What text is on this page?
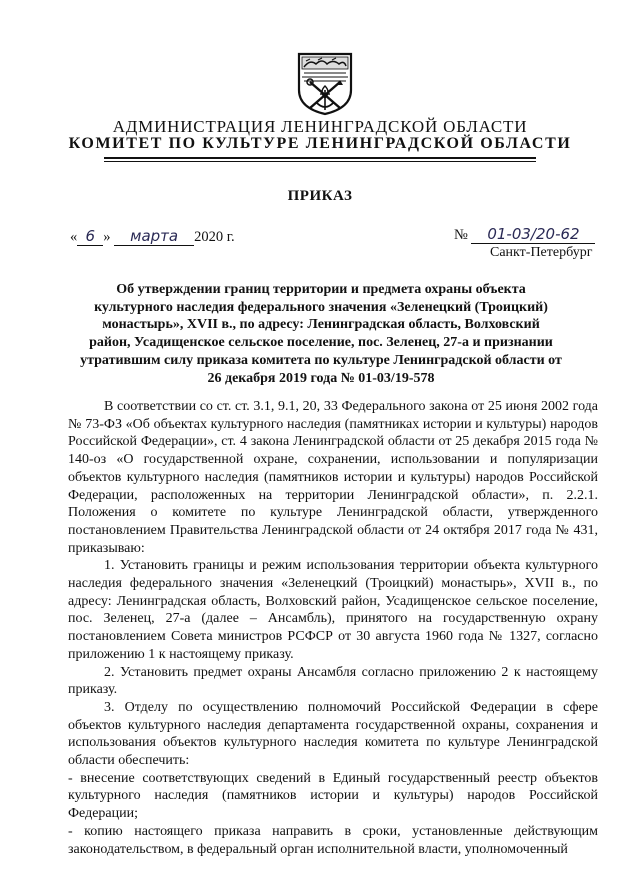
АДМИНИСТРАЦИЯ ЛЕНИНГРАДСКОЙ ОБЛАСТИ
КОМИТЕТ ПО КУЛЬТУРЕ ЛЕНИНГРАДСКОЙ ОБЛАСТИ
ПРИКАЗ
« 6 » марта 2020 г.	№ 01-03/20-62
Санкт-Петербург
Об утверждении границ территории и предмета охраны объекта культурного наследия федерального значения «Зеленецкий (Троицкий) монастырь», XVII в., по адресу: Ленинградская область, Волховский район, Усадищенское сельское поселение, пос. Зеленец, 27-а и признании утратившим силу приказа комитета по культуре Ленинградской области от 26 декабря 2019 года № 01-03/19-578

В соответствии со ст. ст. 3.1, 9.1, 20, 33 Федерального закона от 25 июня 2002 года № 73-ФЗ «Об объектах культурного наследия (памятниках истории и культуры) народов Российской Федерации», ст. 4 закона Ленинградской области от 25 декабря 2015 года № 140-оз «О государственной охране, сохранении, использовании и популяризации объектов культурного наследия (памятников истории и культуры) народов Российской Федерации, расположенных на территории Ленинградской области», п. 2.2.1. Положения о комитете по культуре Ленинградской области, утвержденного постановлением Правительства Ленинградской области от 24 октября 2017 года № 431, приказываю:

1. Установить границы и режим использования территории объекта культурного наследия федерального значения «Зеленецкий (Троицкий) монастырь», XVII в., по адресу: Ленинградская область, Волховский район, Усадищенское сельское поселение, пос. Зеленец, 27-а (далее – Ансамбль), принятого на государственную охрану постановлением Совета министров РСФСР от 30 августа 1960 года № 1327, согласно приложению 1 к настоящему приказу.

2. Установить предмет охраны Ансамбля согласно приложению 2 к настоящему приказу.

3. Отделу по осуществлению полномочий Российской Федерации в сфере объектов культурного наследия департамента государственной охраны, сохранения и использования объектов культурного наследия комитета по культуре Ленинградской области обеспечить:

- внесение соответствующих сведений в Единый государственный реестр объектов культурного наследия (памятников истории и культуры) народов Российской Федерации;

- копию настоящего приказа направить в сроки, установленные действующим законодательством, в федеральный орган исполнительной власти, уполномоченный
